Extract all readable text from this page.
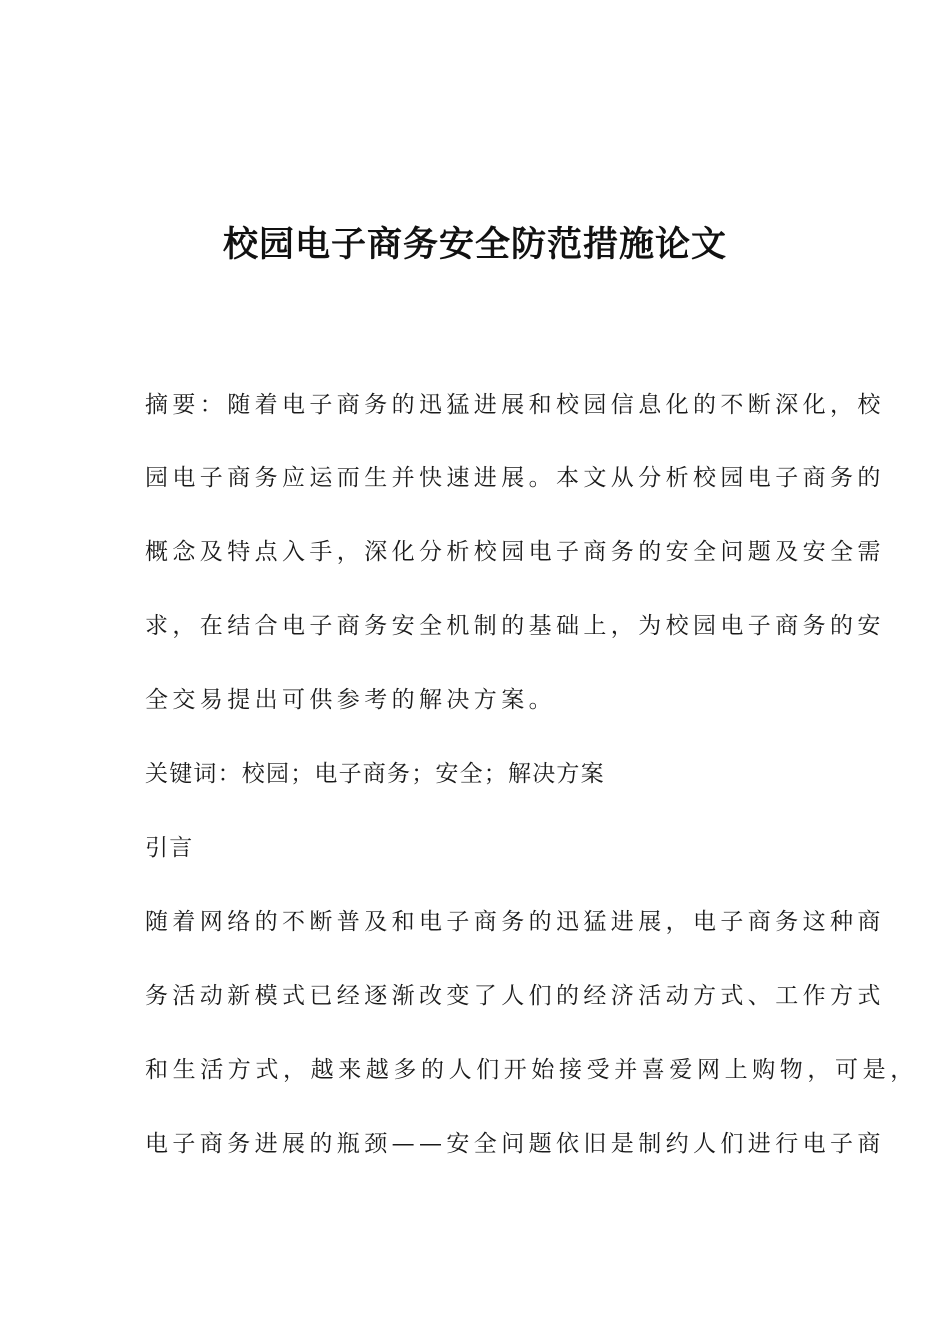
校园电子商务安全防范措施论文
摘要：随着电子商务的迅猛进展和校园信息化的不断深化，校
园电子商务应运而生并快速进展。本文从分析校园电子商务的
概念及特点入手，深化分析校园电子商务的安全问题及安全需
求，在结合电子商务安全机制的基础上，为校园电子商务的安
全交易提出可供参考的解决方案。
关键词：校园；电子商务；安全；解决方案
引言
随着网络的不断普及和电子商务的迅猛进展，电子商务这种商
务活动新模式已经逐渐改变了人们的经济活动方式、工作方式
和生活方式，越来越多的人们开始接受并喜爱网上购物，可是，
电子商务进展的瓶颈——安全问题依旧是制约人们进行电子商
